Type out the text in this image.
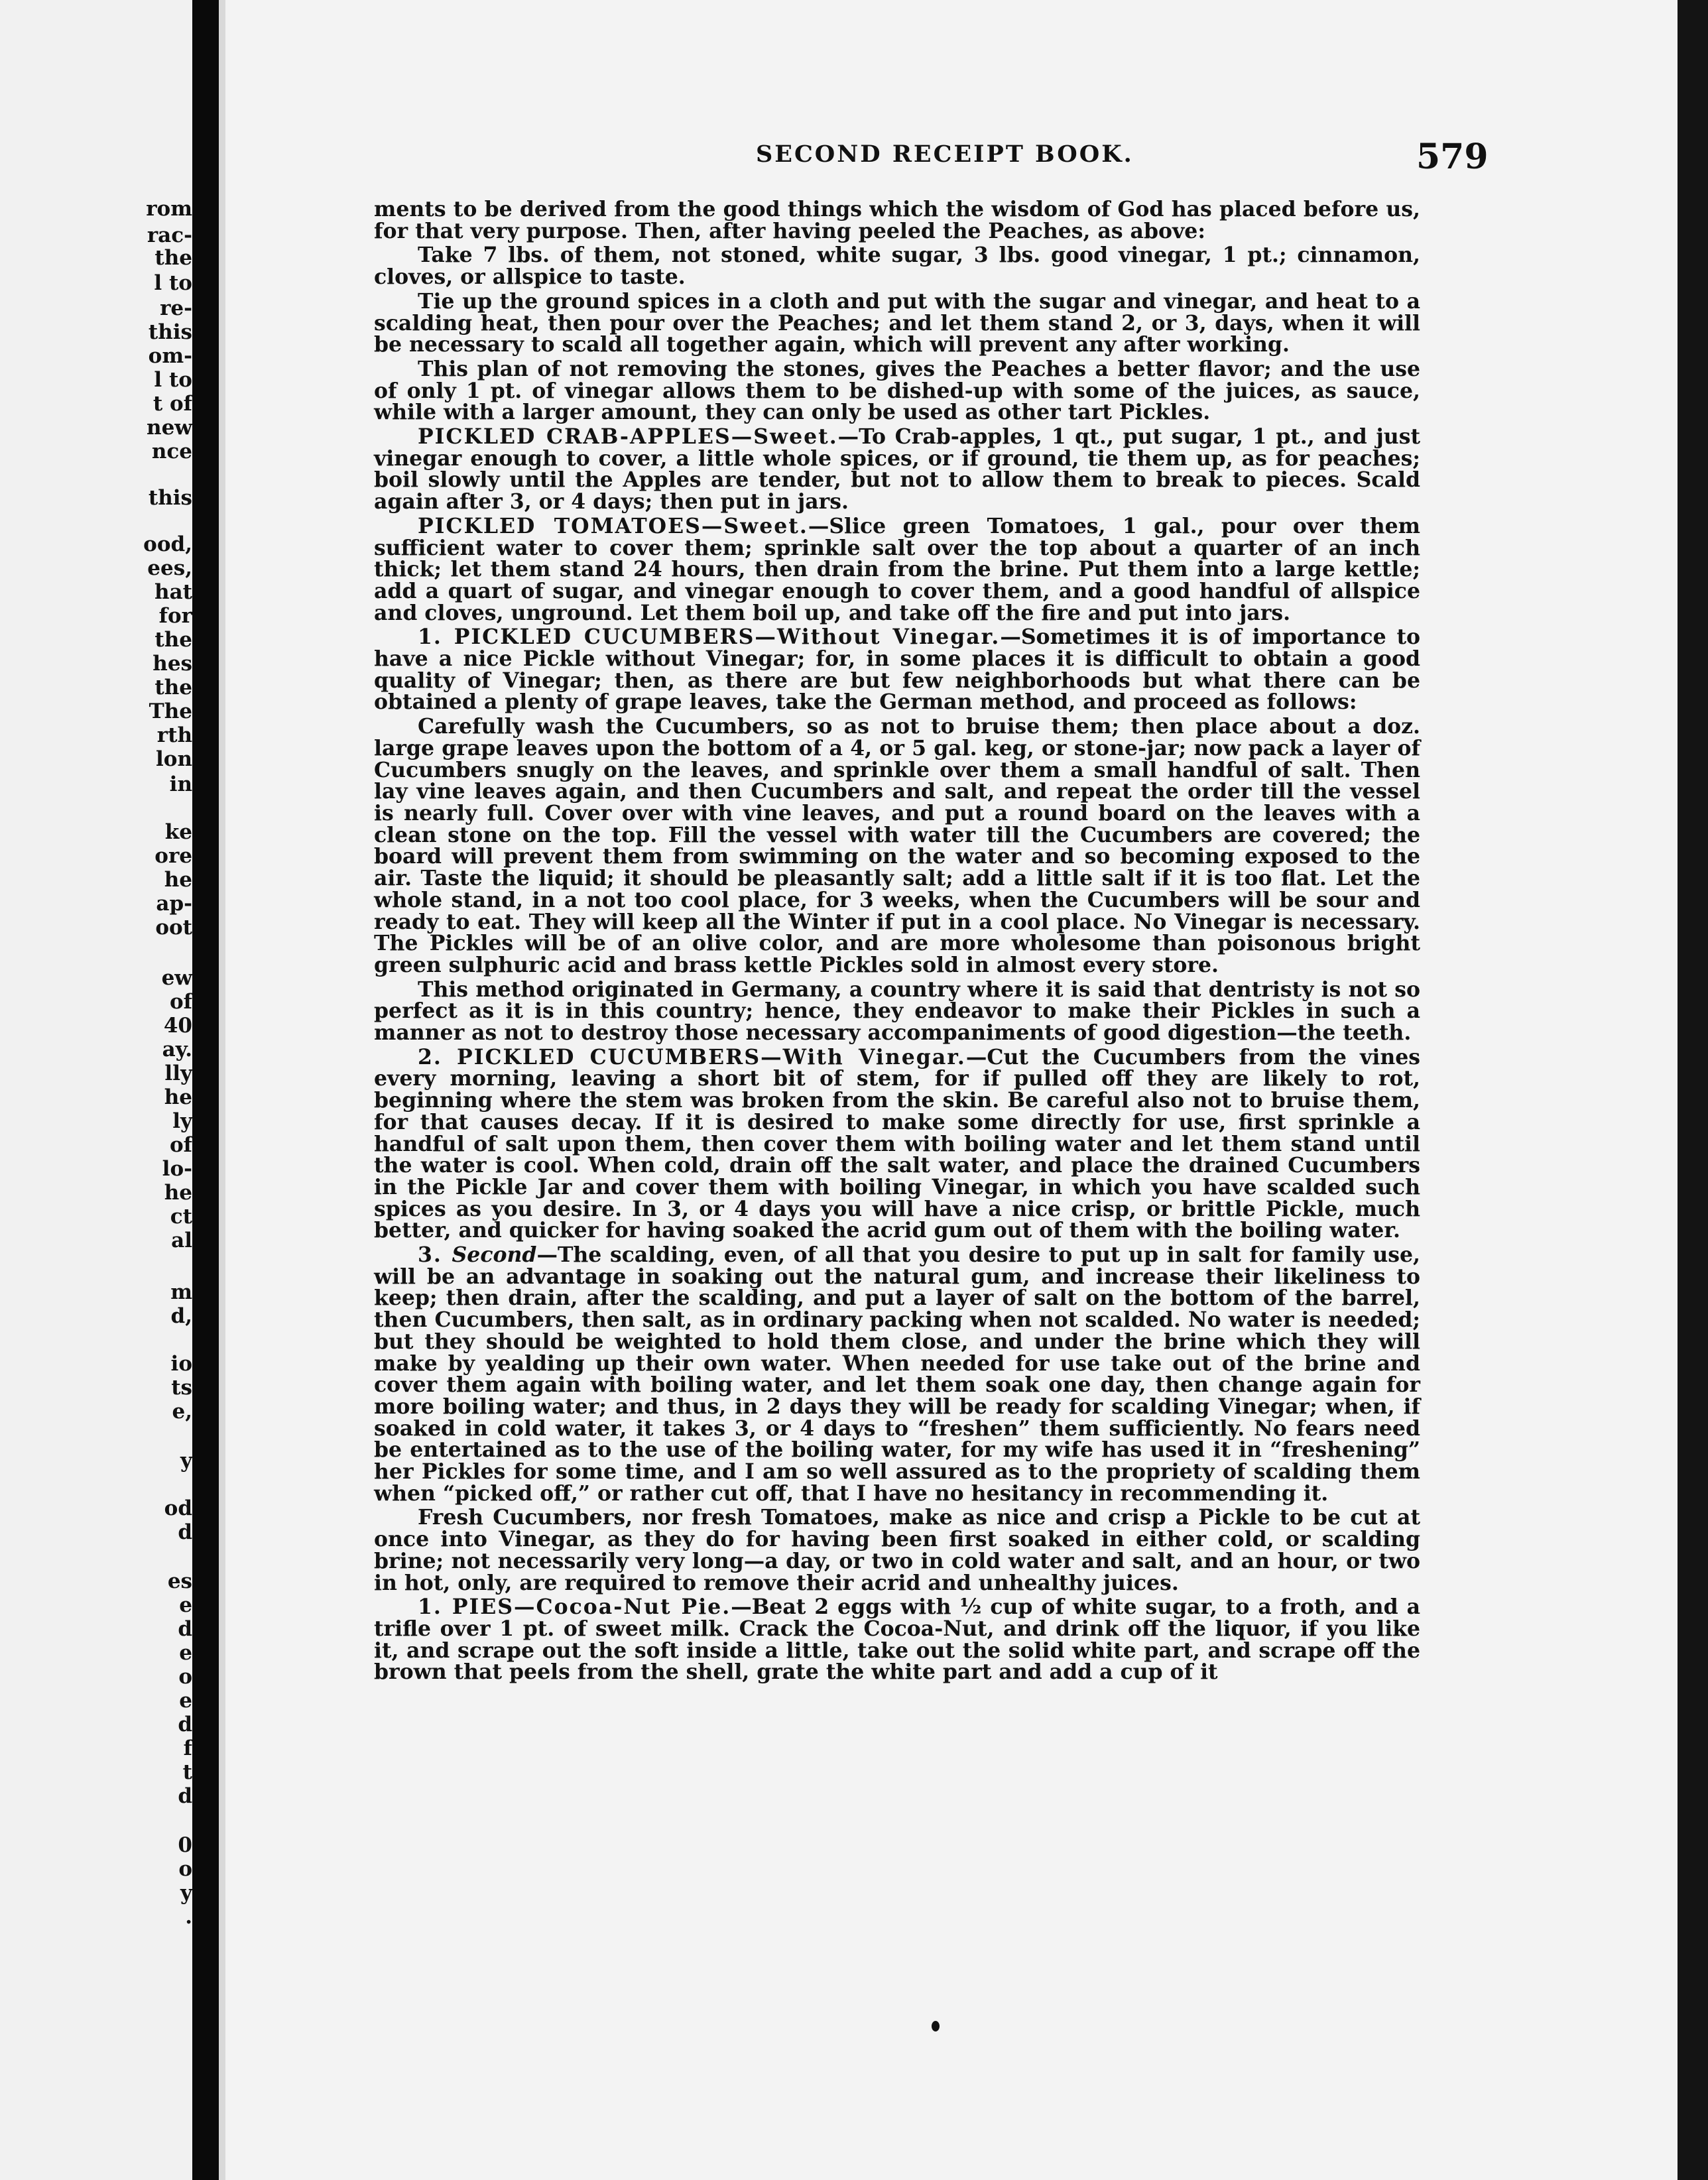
rom
rac-
the
l to
re-
this
om-
l to
t of
new
nce
this
ood,
ees,
hat
for
the
hes
the
The
rth
lon
in
ke
ore
he
ap-
oot
ew
of
40
ay.
lly
he
ly
of
lo-
he
ct
al
m
d,
io
ts
e,
y
od
d
es
e
d
e
o
e
d
f
t
d
0
o
y
.
SECOND RECEIPT BOOK.	579

ments to be derived from the good things which the wisdom of God has placed before us, for that very purpose. Then, after having peeled the Peaches, as above:

Take 7 lbs. of them, not stoned, white sugar, 3 lbs. good vinegar, 1 pt.; cinnamon, cloves, or allspice to taste.

Tie up the ground spices in a cloth and put with the sugar and vinegar, and heat to a scalding heat, then pour over the Peaches; and let them stand 2, or 3, days, when it will be necessary to scald all together again, which will prevent any after working.

This plan of not removing the stones, gives the Peaches a better flavor; and the use of only 1 pt. of vinegar allows them to be dished-up with some of the juices, as sauce, while with a larger amount, they can only be used as other tart Pickles.

PICKLED CRAB-APPLES—Sweet.—To Crab-apples, 1 qt., put sugar, 1 pt., and just vinegar enough to cover, a little whole spices, or if ground, tie them up, as for peaches; boil slowly until the Apples are tender, but not to allow them to break to pieces. Scald again after 3, or 4 days; then put in jars.

PICKLED TOMATOES—Sweet.—Slice green Tomatoes, 1 gal., pour over them sufficient water to cover them; sprinkle salt over the top about a quarter of an inch thick; let them stand 24 hours, then drain from the brine. Put them into a large kettle; add a quart of sugar, and vinegar enough to cover them, and a good handful of allspice and cloves, unground. Let them boil up, and take off the fire and put into jars.

1. PICKLED CUCUMBERS—Without Vinegar.—Sometimes it is of importance to have a nice Pickle without Vinegar; for, in some places it is difficult to obtain a good quality of Vinegar; then, as there are but few neighborhoods but what there can be obtained a plenty of grape leaves, take the German method, and proceed as follows:

Carefully wash the Cucumbers, so as not to bruise them; then place about a doz. large grape leaves upon the bottom of a 4, or 5 gal. keg, or stone-jar; now pack a layer of Cucumbers snugly on the leaves, and sprinkle over them a small handful of salt. Then lay vine leaves again, and then Cucumbers and salt, and repeat the order till the vessel is nearly full. Cover over with vine leaves, and put a round board on the leaves with a clean stone on the top. Fill the vessel with water till the Cucumbers are covered; the board will prevent them from swimming on the water and so becoming exposed to the air. Taste the liquid; it should be pleasantly salt; add a little salt if it is too flat. Let the whole stand, in a not too cool place, for 3 weeks, when the Cucumbers will be sour and ready to eat. They will keep all the Winter if put in a cool place. No Vinegar is necessary. The Pickles will be of an olive color, and are more wholesome than poisonous bright green sulphuric acid and brass kettle Pickles sold in almost every store.

This method originated in Germany, a country where it is said that dentristy is not so perfect as it is in this country; hence, they endeavor to make their Pickles in such a manner as not to destroy those necessary accompaniments of good digestion—the teeth.

2. PICKLED CUCUMBERS—With Vinegar.—Cut the Cucumbers from the vines every morning, leaving a short bit of stem, for if pulled off they are likely to rot, beginning where the stem was broken from the skin. Be careful also not to bruise them, for that causes decay. If it is desired to make some directly for use, first sprinkle a handful of salt upon them, then cover them with boiling water and let them stand until the water is cool. When cold, drain off the salt water, and place the drained Cucumbers in the Pickle Jar and cover them with boiling Vinegar, in which you have scalded such spices as you desire. In 3, or 4 days you will have a nice crisp, or brittle Pickle, much better, and quicker for having soaked the acrid gum out of them with the boiling water.

3. Second—The scalding, even, of all that you desire to put up in salt for family use, will be an advantage in soaking out the natural gum, and increase their likeliness to keep; then drain, after the scalding, and put a layer of salt on the bottom of the barrel, then Cucumbers, then salt, as in ordinary packing when not scalded. No water is needed; but they should be weighted to hold them close, and under the brine which they will make by yealding up their own water. When needed for use take out of the brine and cover them again with boiling water, and let them soak one day, then change again for more boiling water; and thus, in 2 days they will be ready for scalding Vinegar; when, if soaked in cold water, it takes 3, or 4 days to “freshen” them sufficiently. No fears need be entertained as to the use of the boiling water, for my wife has used it in “freshening” her Pickles for some time, and I am so well assured as to the propriety of scalding them when “picked off,” or rather cut off, that I have no hesitancy in recommending it.

Fresh Cucumbers, nor fresh Tomatoes, make as nice and crisp a Pickle to be cut at once into Vinegar, as they do for having been first soaked in either cold, or scalding brine; not necessarily very long—a day, or two in cold water and salt, and an hour, or two in hot, only, are required to remove their acrid and unhealthy juices.

1. PIES—Cocoa-Nut Pie.—Beat 2 eggs with ½ cup of white sugar, to a froth, and a trifle over 1 pt. of sweet milk. Crack the Cocoa-Nut, and drink off the liquor, if you like it, and scrape out the soft inside a little, take out the solid white part, and scrape off the brown that peels from the shell, grate the white part and add a cup of it
